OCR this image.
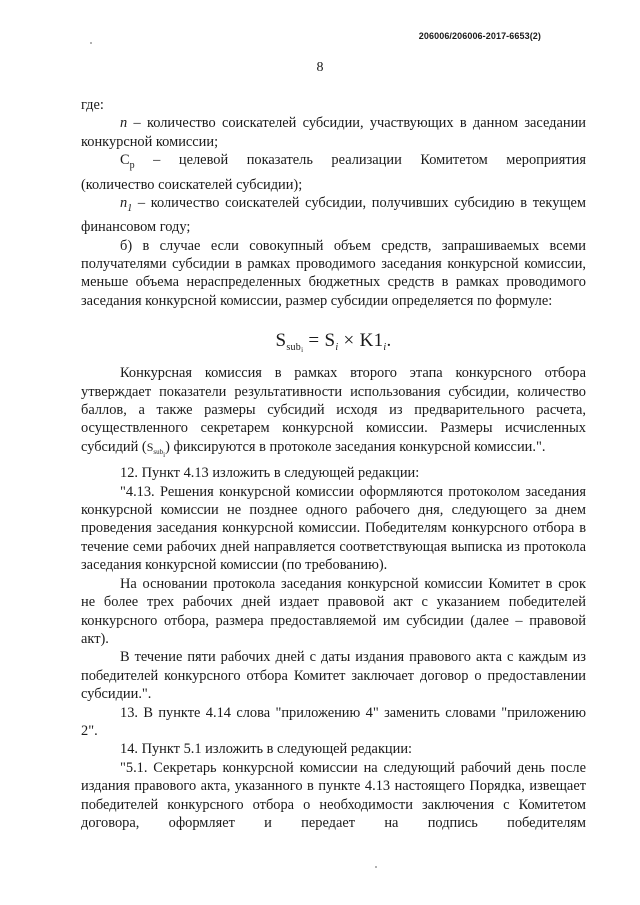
206006/206006-2017-6653(2)
8

где:

n – количество соискателей субсидии, участвующих в данном заседании конкурсной комиссии;

$C_p$ – целевой показатель реализации Комитетом мероприятия

(количество соискателей субсидии);

$n_1$ – количество соискателей субсидии, получивших субсидию в текущем финансовом году;

б) в случае если совокупный объем средств, запрашиваемых всеми получателями субсидии в рамках проводимого заседания конкурсной комиссии, меньше объема нераспределенных бюджетных средств в рамках проводимого заседания конкурсной комиссии, размер субсидии определяется по формуле:

$S_{sub_i} = S_i \times K1_i$.

Конкурсная комиссия в рамках второго этапа конкурсного отбора утверждает показатели результативности использования субсидии, количество баллов, а также размеры субсидий исходя из предварительного расчета, осуществленного секретарем конкурсной комиссии. Размеры исчисленных субсидий $(S_{sub_i})$ фиксируются в протоколе заседания конкурсной комиссии.".

12. Пункт 4.13 изложить в следующей редакции:

"4.13. Решения конкурсной комиссии оформляются протоколом заседания конкурсной комиссии не позднее одного рабочего дня, следующего за днем проведения заседания конкурсной комиссии. Победителям конкурсного отбора в течение семи рабочих дней направляется соответствующая выписка из протокола заседания конкурсной комиссии (по требованию).

На основании протокола заседания конкурсной комиссии Комитет в срок не более трех рабочих дней издает правовой акт с указанием победителей конкурсного отбора, размера предоставляемой им субсидии (далее – правовой акт).

В течение пяти рабочих дней с даты издания правового акта с каждым из победителей конкурсного отбора Комитет заключает договор о предоставлении субсидии.".

13. В пункте 4.14 слова "приложению 4" заменить словами "приложению 2".

14. Пункт 5.1 изложить в следующей редакции:

"5.1. Секретарь конкурсной комиссии на следующий рабочий день после издания правового акта, указанного в пункте 4.13 настоящего Порядка, извещает победителей конкурсного отбора о необходимости заключения с Комитетом договора, оформляет и передает на подпись победителям
